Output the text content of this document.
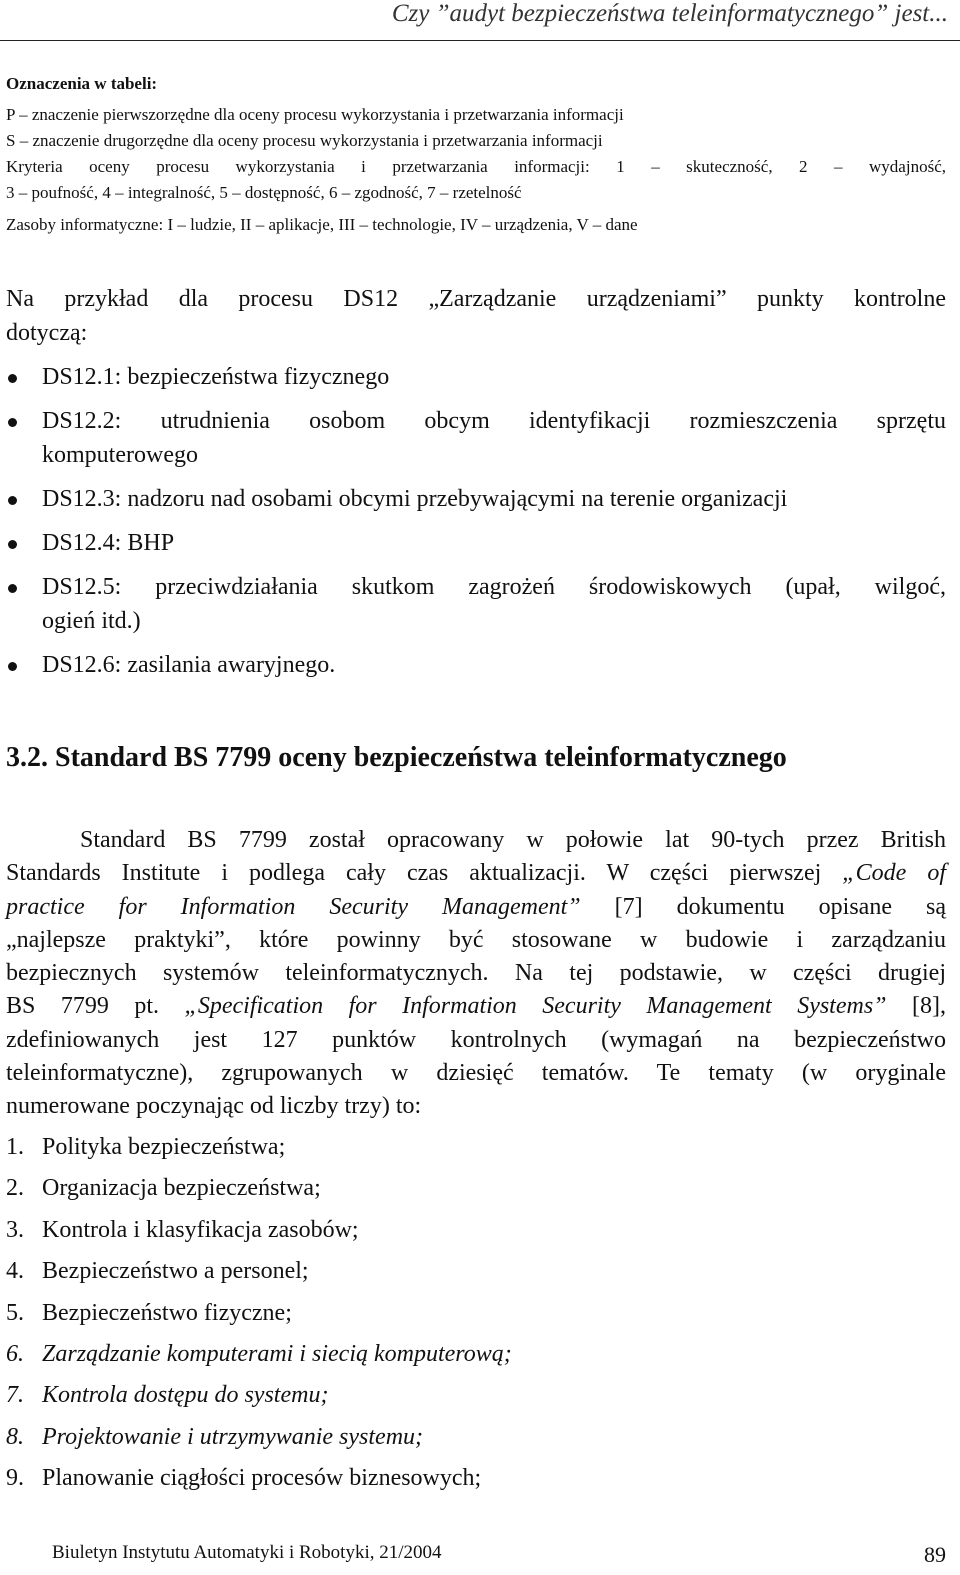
Czy ”audyt bezpieczeństwa teleinformatycznego” jest...
Oznaczenia w tabeli:
P – znaczenie pierwszorzędne dla oceny procesu wykorzystania i przetwarzania informacji
S – znaczenie drugorzędne dla oceny procesu wykorzystania i przetwarzania informacji
Kryteria oceny procesu wykorzystania i przetwarzania informacji: 1 – skuteczność, 2 – wydajność,
3 – poufność, 4 – integralność, 5 – dostępność, 6 – zgodność, 7 – rzetelność
Zasoby informatyczne: I – ludzie, II – aplikacje, III – technologie, IV – urządzenia, V – dane
Na przykład dla procesu DS12 „Zarządzanie urządzeniami” punkty kontrolne
dotyczą:
DS12.1: bezpieczeństwa fizycznego
DS12.2: utrudnienia osobom obcym identyfikacji rozmieszczenia sprzętu
komputerowego
DS12.3: nadzoru nad osobami obcymi przebywającymi na terenie organizacji
DS12.4: BHP
DS12.5: przeciwdziałania skutkom zagrożeń środowiskowych (upał, wilgoć,
ogień itd.)
DS12.6: zasilania awaryjnego.
3.2. Standard BS 7799 oceny bezpieczeństwa teleinformatycznego
Standard BS 7799 został opracowany w połowie lat 90-tych przez British
Standards Institute i podlega cały czas aktualizacji. W części pierwszej „Code of
practice for Information Security Management” [7] dokumentu opisane są
„najlepsze praktyki”, które powinny być stosowane w budowie i zarządzaniu
bezpiecznych systemów teleinformatycznych. Na tej podstawie, w części drugiej
BS 7799 pt. „Specification for Information Security Management Systems” [8],
zdefiniowanych jest 127 punktów kontrolnych (wymagań na bezpieczeństwo
teleinformatyczne), zgrupowanych w dziesięć tematów. Te tematy (w oryginale
numerowane poczynając od liczby trzy) to:
1. Polityka bezpieczeństwa;
2. Organizacja bezpieczeństwa;
3. Kontrola i klasyfikacja zasobów;
4. Bezpieczeństwo a personel;
5. Bezpieczeństwo fizyczne;
6. Zarządzanie komputerami i siecią komputerową;
7. Kontrola dostępu do systemu;
8. Projektowanie i utrzymywanie systemu;
9. Planowanie ciągłości procesów biznesowych;
Biuletyn Instytutu Automatyki i Robotyki, 21/2004	89
